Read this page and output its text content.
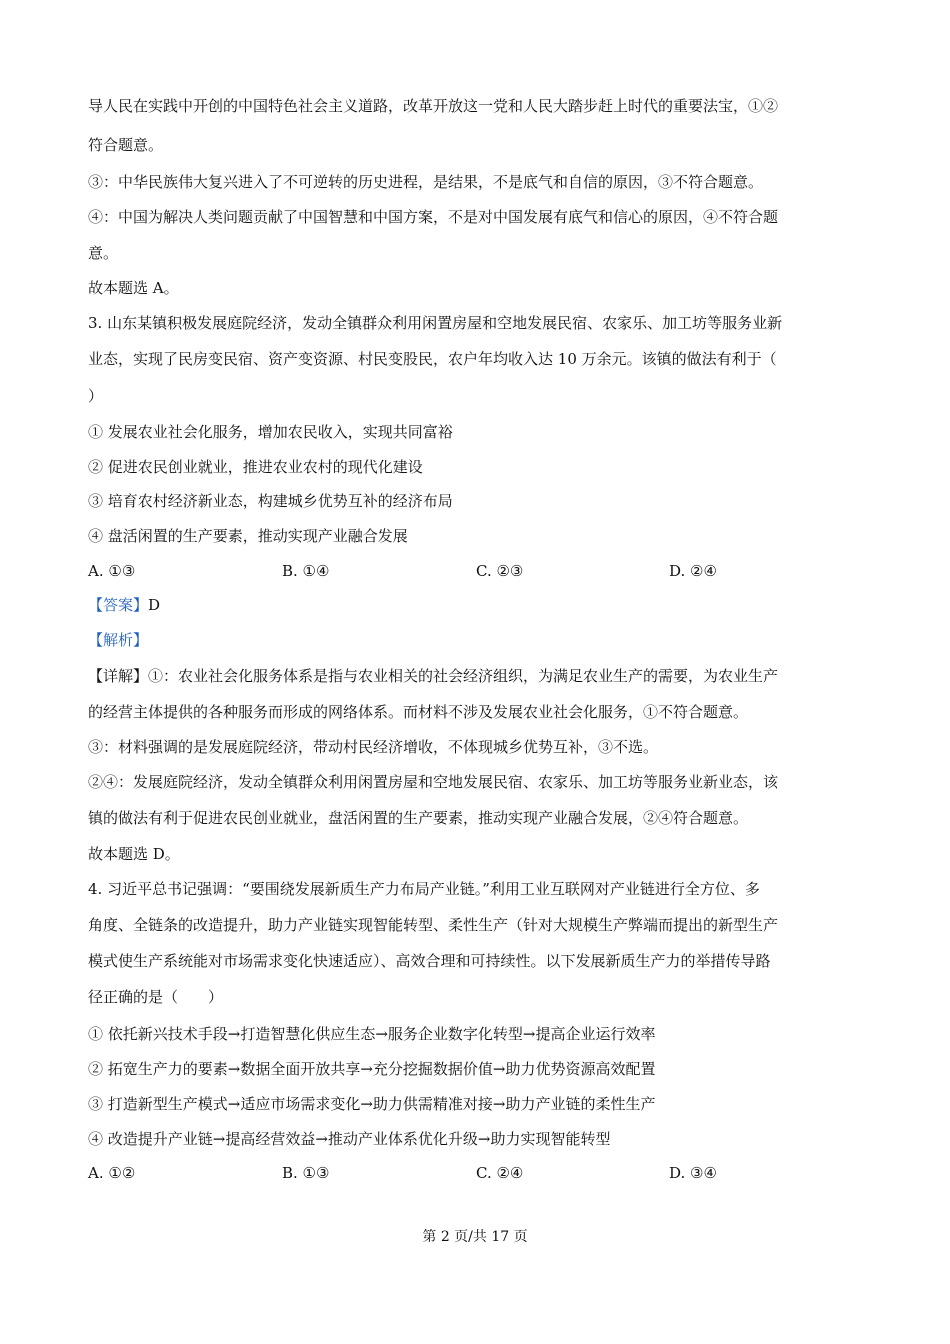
导人民在实践中开创的中国特色社会主义道路，改革开放这一党和人民大踏步赶上时代的重要法宝，①②
符合题意。
③：中华民族伟大复兴进入了不可逆转的历史进程，是结果，不是底气和自信的原因，③不符合题意。
④：中国为解决人类问题贡献了中国智慧和中国方案，不是对中国发展有底气和信心的原因，④不符合题
意。
故本题选 A。
3. 山东某镇积极发展庭院经济，发动全镇群众利用闲置房屋和空地发展民宿、农家乐、加工坊等服务业新
业态，实现了民房变民宿、资产变资源、村民变股民，农户年均收入达 10 万余元。该镇的做法有利于（
）
① 发展农业社会化服务，增加农民收入，实现共同富裕
② 促进农民创业就业，推进农业农村的现代化建设
③ 培育农村经济新业态，构建城乡优势互补的经济布局
④ 盘活闲置的生产要素，推动实现产业融合发展
A. ①③	B. ①④	C. ②③	D. ②④
【答案】D
【解析】
【详解】①：农业社会化服务体系是指与农业相关的社会经济组织，为满足农业生产的需要，为农业生产
的经营主体提供的各种服务而形成的网络体系。而材料不涉及发展农业社会化服务，①不符合题意。
③：材料强调的是发展庭院经济，带动村民经济增收，不体现城乡优势互补，③不选。
②④：发展庭院经济，发动全镇群众利用闲置房屋和空地发展民宿、农家乐、加工坊等服务业新业态，该
镇的做法有利于促进农民创业就业，盘活闲置的生产要素，推动实现产业融合发展，②④符合题意。
故本题选 D。
4. 习近平总书记强调：“要围绕发展新质生产力布局产业链。”利用工业互联网对产业链进行全方位、多
角度、全链条的改造提升，助力产业链实现智能转型、柔性生产（针对大规模生产弊端而提出的新型生产
模式使生产系统能对市场需求变化快速适应）、高效合理和可持续性。以下发展新质生产力的举措传导路
径正确的是（　　）
① 依托新兴技术手段→打造智慧化供应生态→服务企业数字化转型→提高企业运行效率
② 拓宽生产力的要素→数据全面开放共享→充分挖掘数据价值→助力优势资源高效配置
③ 打造新型生产模式→适应市场需求变化→助力供需精准对接→助力产业链的柔性生产
④ 改造提升产业链→提高经营效益→推动产业体系优化升级→助力实现智能转型
A. ①②	B. ①③	C. ②④	D. ③④
第 2 页/共 17 页
